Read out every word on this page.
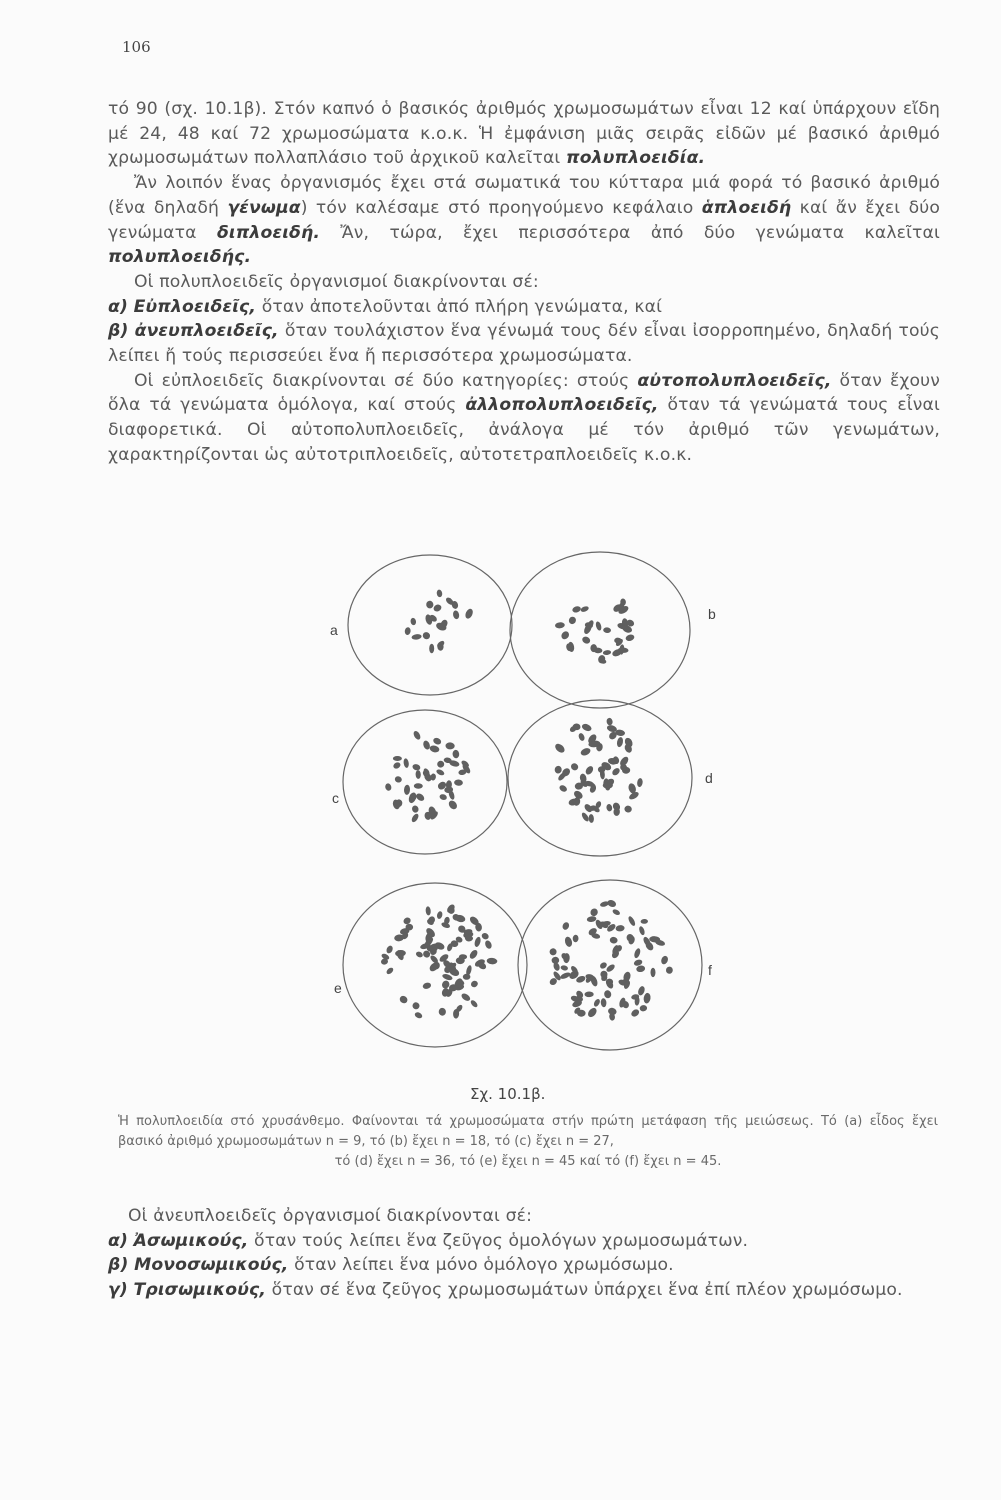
106

τό 90 (σχ. 10.1β). Στόν καπνό ὁ βασικός ἀριθμός χρωμοσωμάτων εἶναι 12 καί ὑπάρχουν εἴδη μέ 24, 48 καί 72 χρωμοσώματα κ.ο.κ. Ἡ ἐμφάνιση μιᾶς σειρᾶς εἰδῶν μέ βασικό ἀριθμό χρωμοσωμάτων πολλαπλάσιο τοῦ ἀρχικοῦ καλεῖται πολυπλοειδία.

Ἄν λοιπόν ἕνας ὀργανισμός ἔχει στά σωματικά του κύτταρα μιά φορά τό βασικό ἀριθμό (ἕνα δηλαδή γένωμα) τόν καλέσαμε στό προηγούμενο κεφάλαιο ἁπλοειδή καί ἄν ἔχει δύο γενώματα διπλοειδή. Ἄν, τώρα, ἔχει περισσότερα ἀπό δύο γενώματα καλεῖται πολυπλοειδής.

Οἱ πολυπλοειδεῖς ὀργανισμοί διακρίνονται σέ:

α) Εὐπλοειδεῖς, ὅταν ἀποτελοῦνται ἀπό πλήρη γενώματα, καί

β) ἀνευπλοειδεῖς, ὅταν τουλάχιστον ἕνα γένωμά τους δέν εἶναι ἰσορροπημένο, δηλαδή τούς λείπει ἤ τούς περισσεύει ἕνα ἤ περισσότερα χρωμοσώματα.

Οἱ εὐπλοειδεῖς διακρίνονται σέ δύο κατηγορίες: στούς αὐτοπολυπλοειδεῖς, ὅταν ἔχουν ὅλα τά γενώματα ὁμόλογα, καί στούς ἀλλοπολυπλοειδεῖς, ὅταν τά γενώματά τους εἶναι διαφορετικά. Οἱ αὐτοπολυπλοειδεῖς, ἀνάλογα μέ τόν ἀριθμό τῶν γενωμάτων, χαρακτηρίζονται ὡς αὐτοτριπλοειδεῖς, αὐτοτετραπλοειδεῖς κ.ο.κ.

a
b
c
d
e
f
Σχ. 10.1β.

Ἡ πολυπλοειδία στό χρυσάνθεμο. Φαίνονται τά χρωμοσώματα στήν πρώτη μετάφαση τῆς μειώσεως. Τό (a) εἶδος ἔχει βασικό ἀριθμό χρωμοσωμάτων n = 9, τό (b) ἔχει n = 18, τό (c) ἔχει n = 27,

τό (d) ἔχει n = 36, τό (e) ἔχει n = 45 καί τό (f) ἔχει n = 45.

Οἱ ἀνευπλοειδεῖς ὀργανισμοί διακρίνονται σέ:

α) Ἀσωμικούς, ὅταν τούς λείπει ἕνα ζεῦγος ὁμολόγων χρωμοσωμάτων.

β) Μονοσωμικούς, ὅταν λείπει ἕνα μόνο ὁμόλογο χρωμόσωμο.

γ) Τρισωμικούς, ὅταν σέ ἕνα ζεῦγος χρωμοσωμάτων ὑπάρχει ἕνα ἐπί πλέον χρωμόσωμο.
